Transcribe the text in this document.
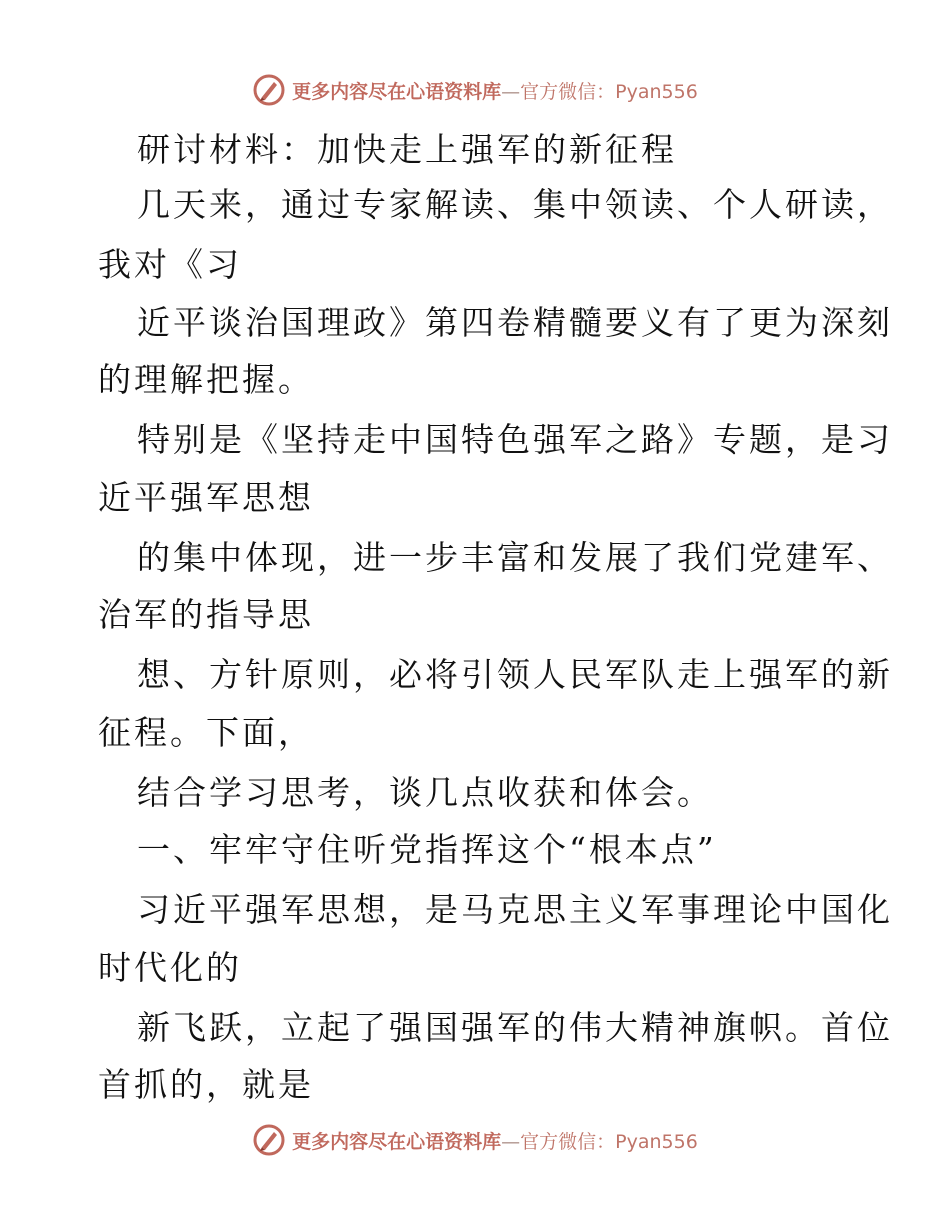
更多内容尽在心语资料库—官方微信：Pyan556
研讨材料：加快走上强军的新征程
几天来，通过专家解读、集中领读、个人研读，
我对《习
近平谈治国理政》第四卷精髓要义有了更为深刻
的理解把握。
特别是《坚持走中国特色强军之路》专题，是习
近平强军思想
的集中体现，进一步丰富和发展了我们党建军、
治军的指导思
想、方针原则，必将引领人民军队走上强军的新
征程。下面，
结合学习思考，谈几点收获和体会。
一、牢牢守住听党指挥这个“根本点”
习近平强军思想，是马克思主义军事理论中国化
时代化的
新飞跃，立起了强国强军的伟大精神旗帜。首位
首抓的，就是
更多内容尽在心语资料库—官方微信：Pyan556
